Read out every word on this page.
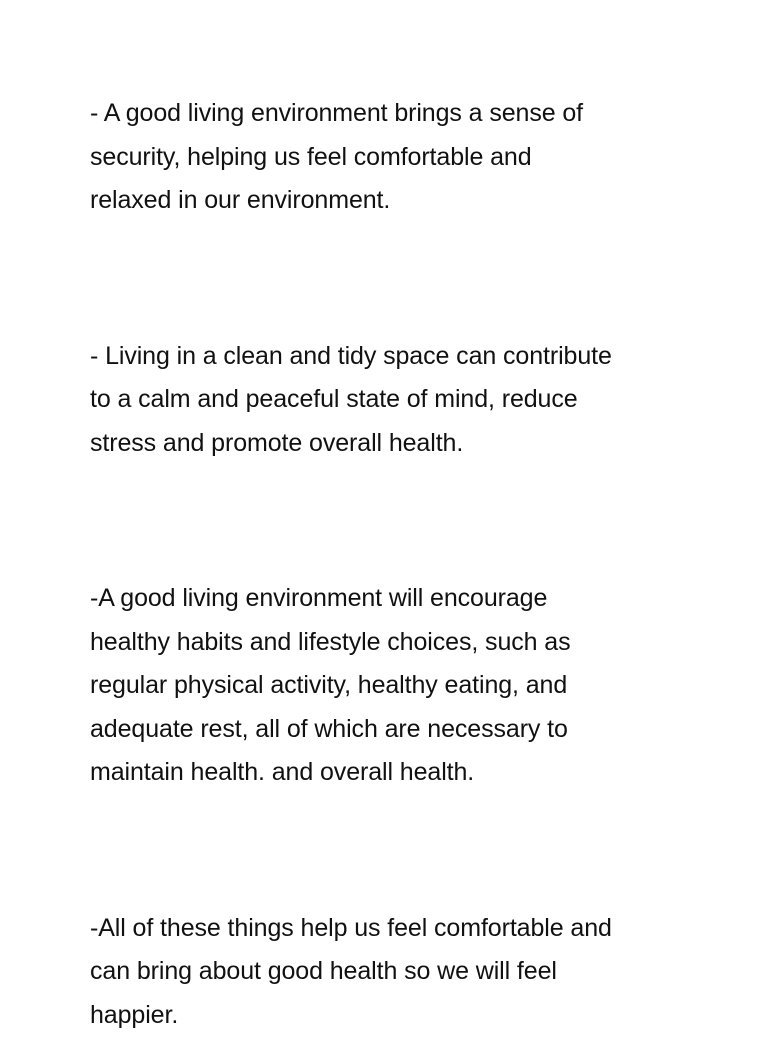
- A good living environment brings a sense of
security, helping us feel comfortable and
relaxed in our environment.

- Living in a clean and tidy space can contribute
to a calm and peaceful state of mind, reduce
stress and promote overall health.

-A good living environment will encourage
healthy habits and lifestyle choices, such as
regular physical activity, healthy eating, and
adequate rest, all of which are necessary to
maintain health. and overall health.

-All of these things help us feel comfortable and
can bring about good health so we will feel
happier.
